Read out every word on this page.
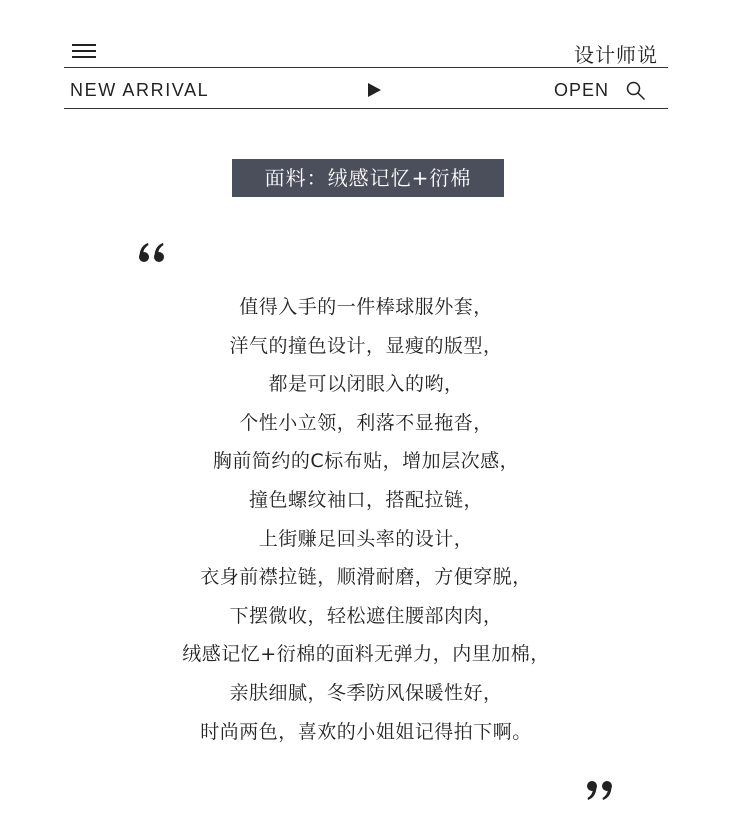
设计师说
NEW ARRIVAL	OPEN
面料：绒感记忆+衍棉
值得入手的一件棒球服外套，
洋气的撞色设计，显瘦的版型，
都是可以闭眼入的哟，
个性小立领，利落不显拖沓，
胸前简约的C标布贴，增加层次感，
撞色螺纹袖口，搭配拉链，
上街赚足回头率的设计，
衣身前襟拉链，顺滑耐磨，方便穿脱，
下摆微收，轻松遮住腰部肉肉，
绒感记忆+衍棉的面料无弹力，内里加棉，
亲肤细腻，冬季防风保暖性好，
时尚两色，喜欢的小姐姐记得拍下啊。
